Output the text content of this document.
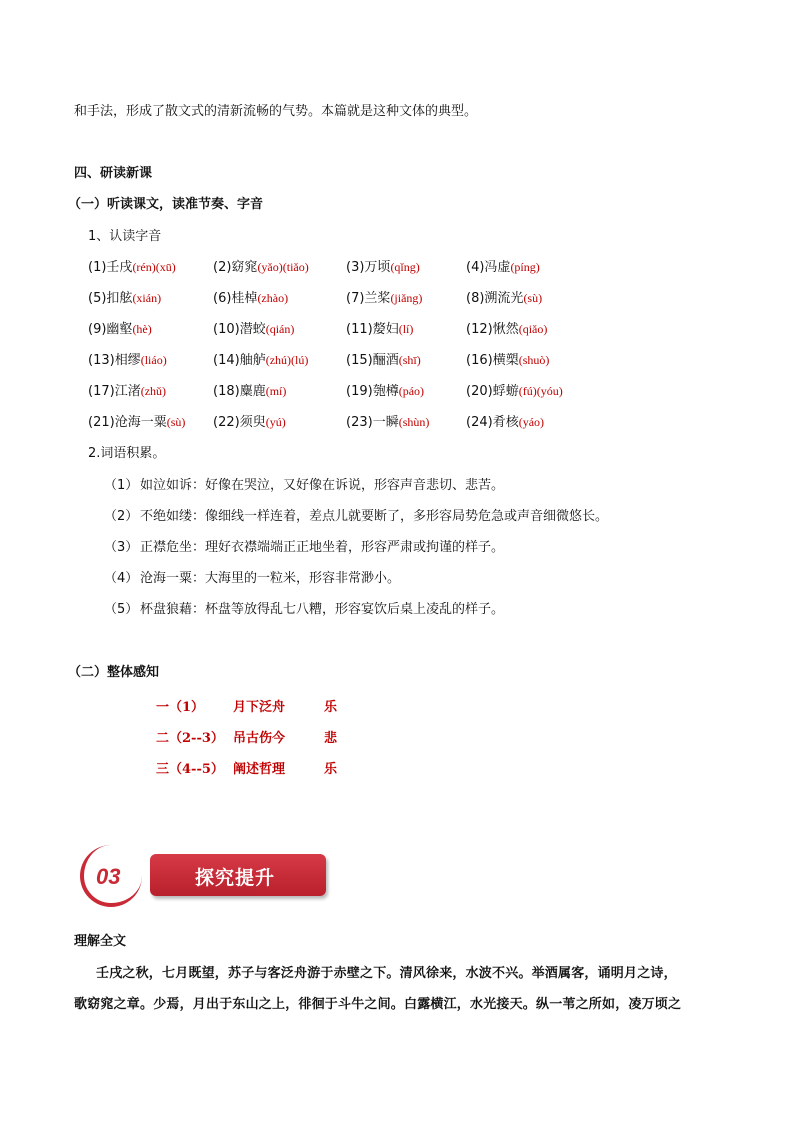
和手法，形成了散文式的清新流畅的气势。本篇就是这种文体的典型。
四、研读新课
（一）听读课文，读准节奏、字音
1、认读字音
(1)壬戌(rén)(xū)	(2)窈窕(yǎo)(tiǎo)	(3)万顷(qǐng)	(4)冯虚(píng)
(5)扣舷(xián)	(6)桂棹(zhào)	(7)兰桨(jiǎng)	(8)溯流光(sù)
(9)幽壑(hè)	(10)潜蛟(qián)	(11)嫠妇(lí)	(12)愀然(qiǎo)
(13)相缪(liáo)	(14)舳舻(zhú)(lú)	(15)酾酒(shī)	(16)横槊(shuò)
(17)江渚(zhǔ)	(18)麋鹿(mí)	(19)匏樽(páo)	(20)蜉蝣(fú)(yóu)
(21)沧海一粟(sù) (22)须臾(yú)	(23)一瞬(shùn)	(24)肴核(yáo)
2.词语积累。
（1） 如泣如诉：好像在哭泣，又好像在诉说，形容声音悲切、悲苦。
（2） 不绝如缕：像细线一样连着，差点儿就要断了，多形容局势危急或声音细微悠长。
（3） 正襟危坐：理好衣襟端端正正地坐着，形容严肃或拘谨的样子。
（4） 沧海一粟：大海里的一粒米，形容非常渺小。
（5） 杯盘狼藉：杯盘等放得乱七八糟，形容宴饮后桌上凌乱的样子。
（二）整体感知
一（1） 月下泛舟	乐
二（2--3） 吊古伤今	悲
三（4--5） 阐述哲理	乐
03	探究提升
理解全文
壬戌之秋，七月既望，苏子与客泛舟游于赤壁之下。清风徐来，水波不兴。举酒属客，诵明月之诗，
歌窈窕之章。少焉，月出于东山之上，徘徊于斗牛之间。白露横江，水光接天。纵一苇之所如，凌万顷之
